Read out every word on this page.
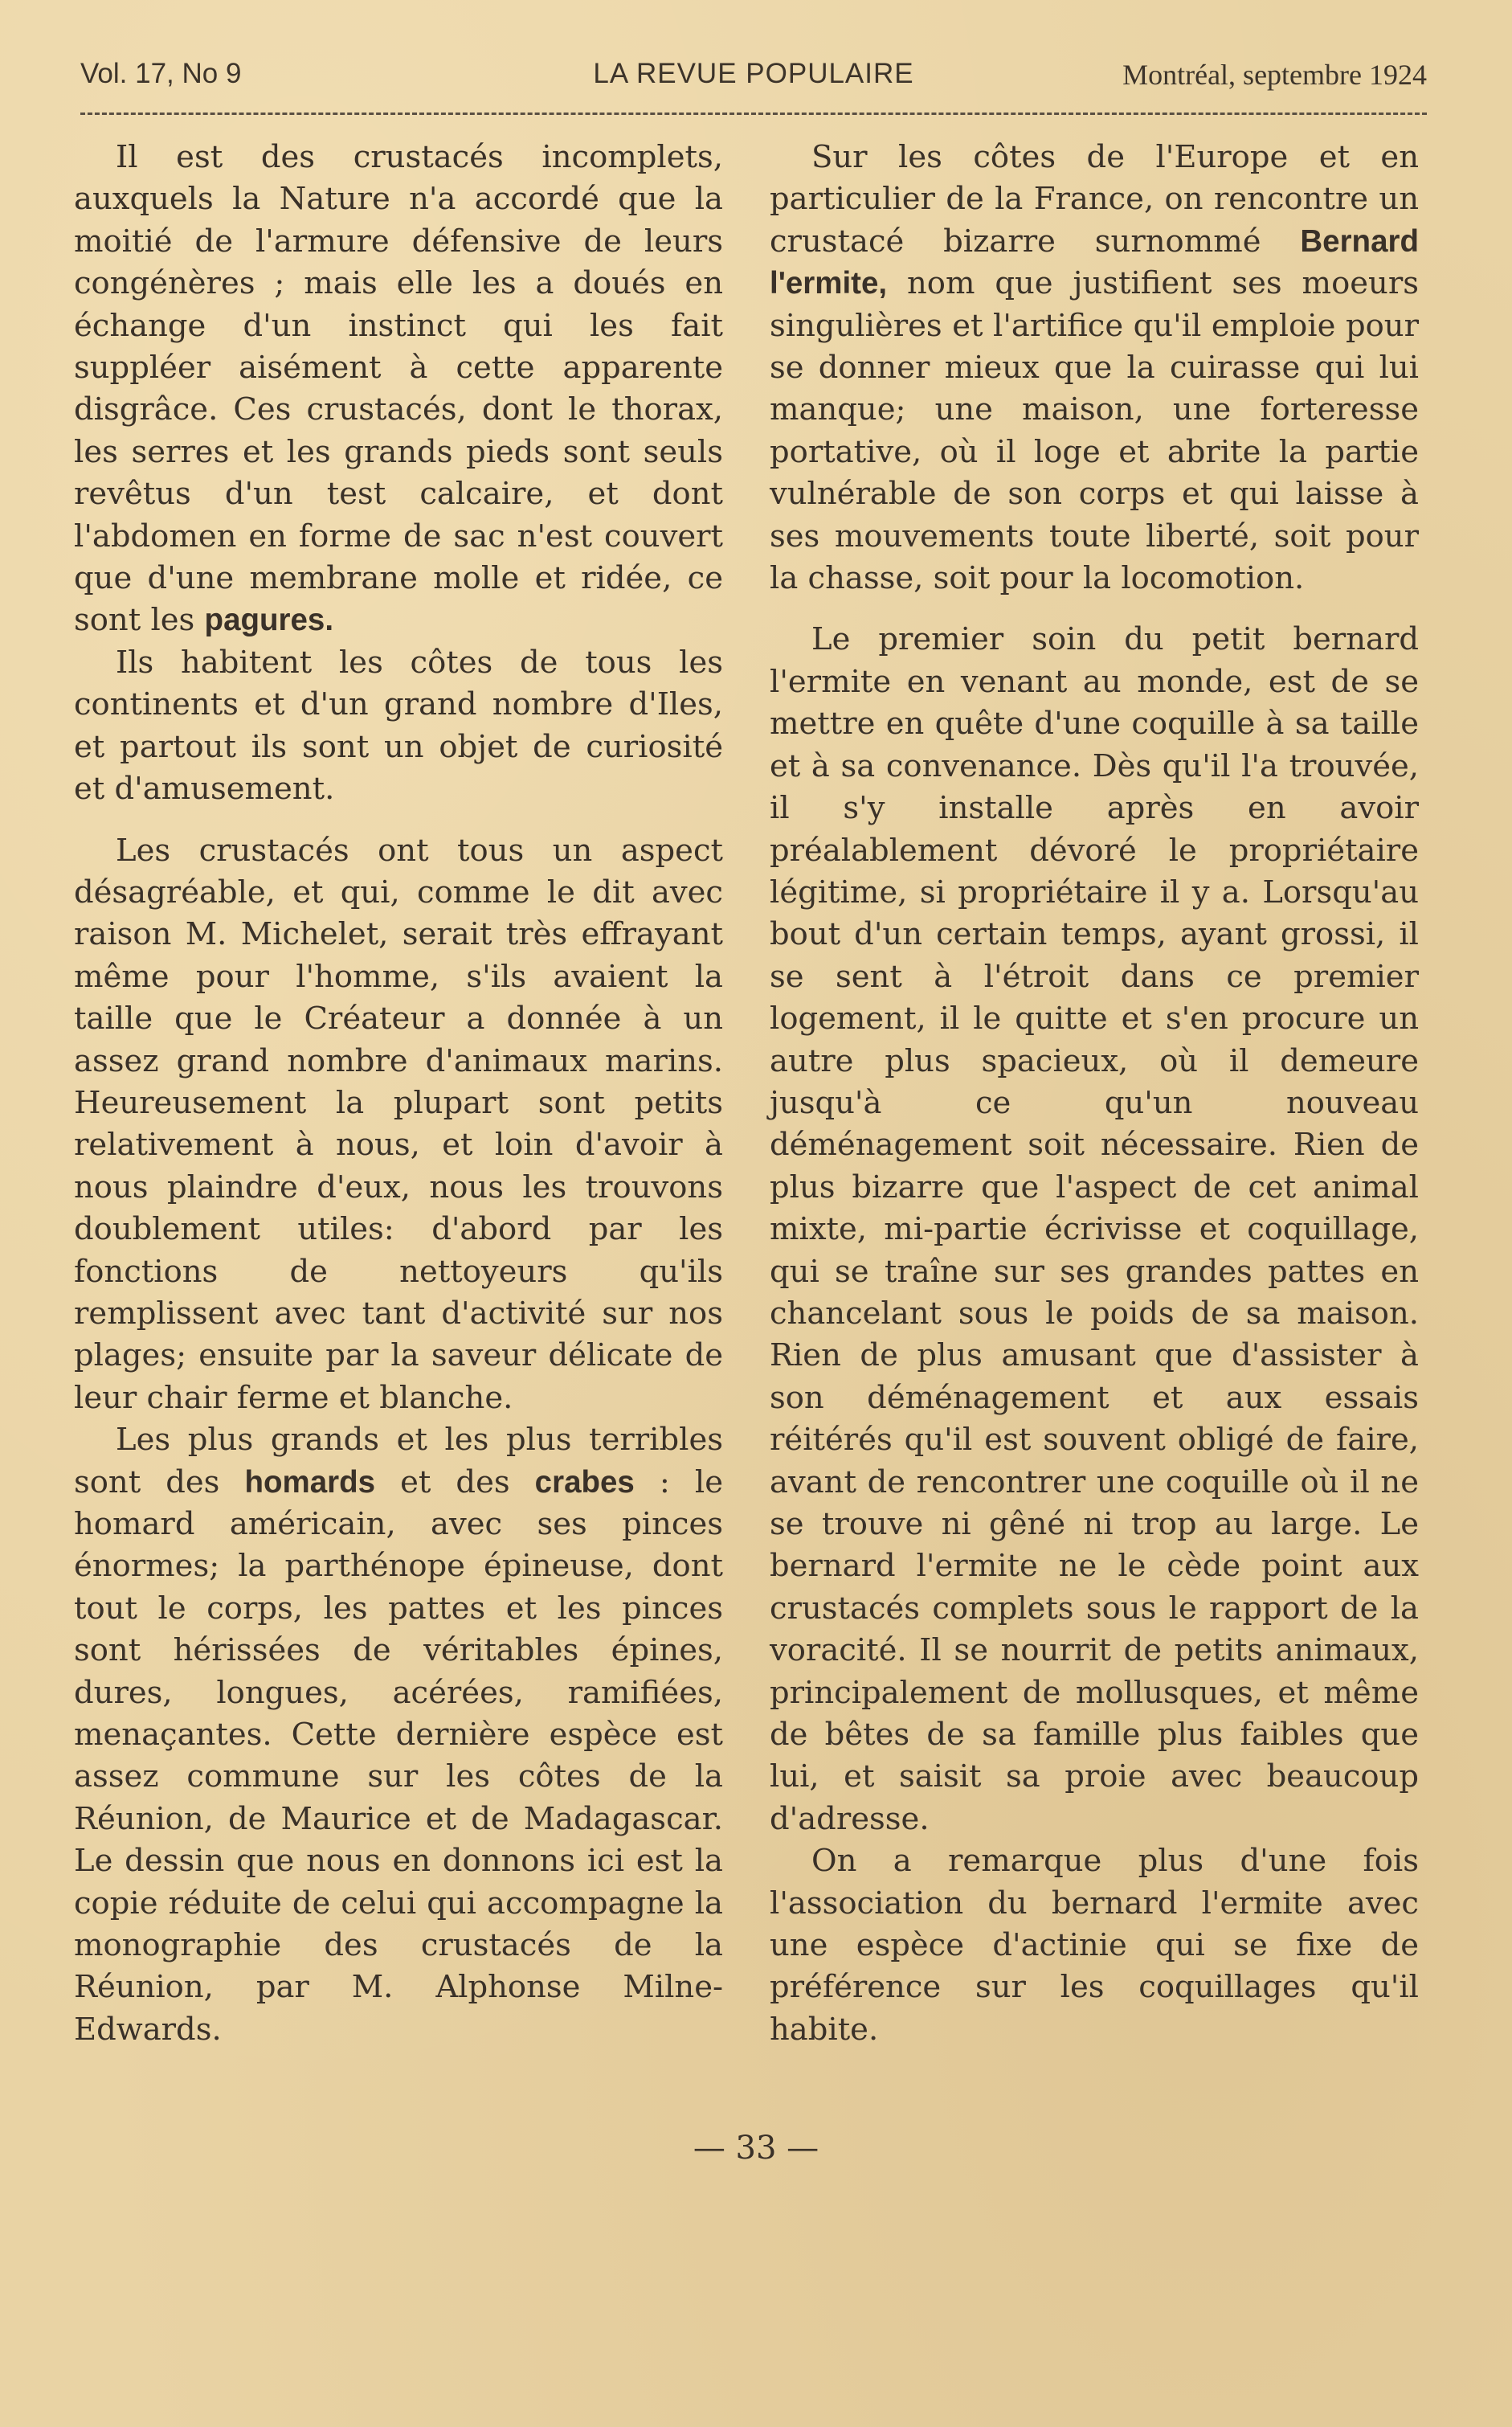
Vol. 17, No 9	LA REVUE POPULAIRE	Montréal, septembre 1924

Il est des crustacés incomplets, auxquels la Nature n'a accordé que la moitié de l'armure défensive de leurs congénères ; mais elle les a doués en échange d'un instinct qui les fait suppléer aisément à cette apparente disgrâce. Ces crustacés, dont le thorax, les serres et les grands pieds sont seuls revêtus d'un test calcaire, et dont l'abdomen en forme de sac n'est couvert que d'une membrane molle et ridée, ce sont les pagures.

Ils habitent les côtes de tous les continents et d'un grand nombre d'Iles, et partout ils sont un objet de curiosité et d'amusement.

Les crustacés ont tous un aspect désagréable, et qui, comme le dit avec raison M. Michelet, serait très effrayant même pour l'homme, s'ils avaient la taille que le Créateur a donnée à un assez grand nombre d'animaux marins. Heureusement la plupart sont petits relativement à nous, et loin d'avoir à nous plaindre d'eux, nous les trouvons doublement utiles: d'abord par les fonctions de nettoyeurs qu'ils remplissent avec tant d'activité sur nos plages; ensuite par la saveur délicate de leur chair ferme et blanche.

Les plus grands et les plus terribles sont des homards et des crabes : le homard américain, avec ses pinces énormes; la parthénope épineuse, dont tout le corps, les pattes et les pinces sont hérissées de véritables épines, dures, longues, acérées, ramifiées, menaçantes. Cette dernière espèce est assez commune sur les côtes de la Réunion, de Maurice et de Madagascar. Le dessin que nous en donnons ici est la copie réduite de celui qui accompagne la monographie des crustacés de la Réunion, par M. Alphonse Milne-Edwards.

Sur les côtes de l'Europe et en particulier de la France, on rencontre un crustacé bizarre surnommé Bernard l'ermite, nom que justifient ses moeurs singulières et l'artifice qu'il emploie pour se donner mieux que la cuirasse qui lui manque; une maison, une forteresse portative, où il loge et abrite la partie vulnérable de son corps et qui laisse à ses mouvements toute liberté, soit pour la chasse, soit pour la locomotion.

Le premier soin du petit bernard l'ermite en venant au monde, est de se mettre en quête d'une coquille à sa taille et à sa convenance. Dès qu'il l'a trouvée, il s'y installe après en avoir préalablement dévoré le propriétaire légitime, si propriétaire il y a. Lorsqu'au bout d'un certain temps, ayant grossi, il se sent à l'étroit dans ce premier logement, il le quitte et s'en procure un autre plus spacieux, où il demeure jusqu'à ce qu'un nouveau déménagement soit nécessaire. Rien de plus bizarre que l'aspect de cet animal mixte, mi-partie écrivisse et coquillage, qui se traîne sur ses grandes pattes en chancelant sous le poids de sa maison. Rien de plus amusant que d'assister à son déménagement et aux essais réitérés qu'il est souvent obligé de faire, avant de rencontrer une coquille où il ne se trouve ni gêné ni trop au large. Le bernard l'ermite ne le cède point aux crustacés complets sous le rapport de la voracité. Il se nourrit de petits animaux, principalement de mollusques, et même de bêtes de sa famille plus faibles que lui, et saisit sa proie avec beaucoup d'adresse.

On a remarque plus d'une fois l'association du bernard l'ermite avec une espèce d'actinie qui se fixe de préférence sur les coquillages qu'il habite.

— 33 —
